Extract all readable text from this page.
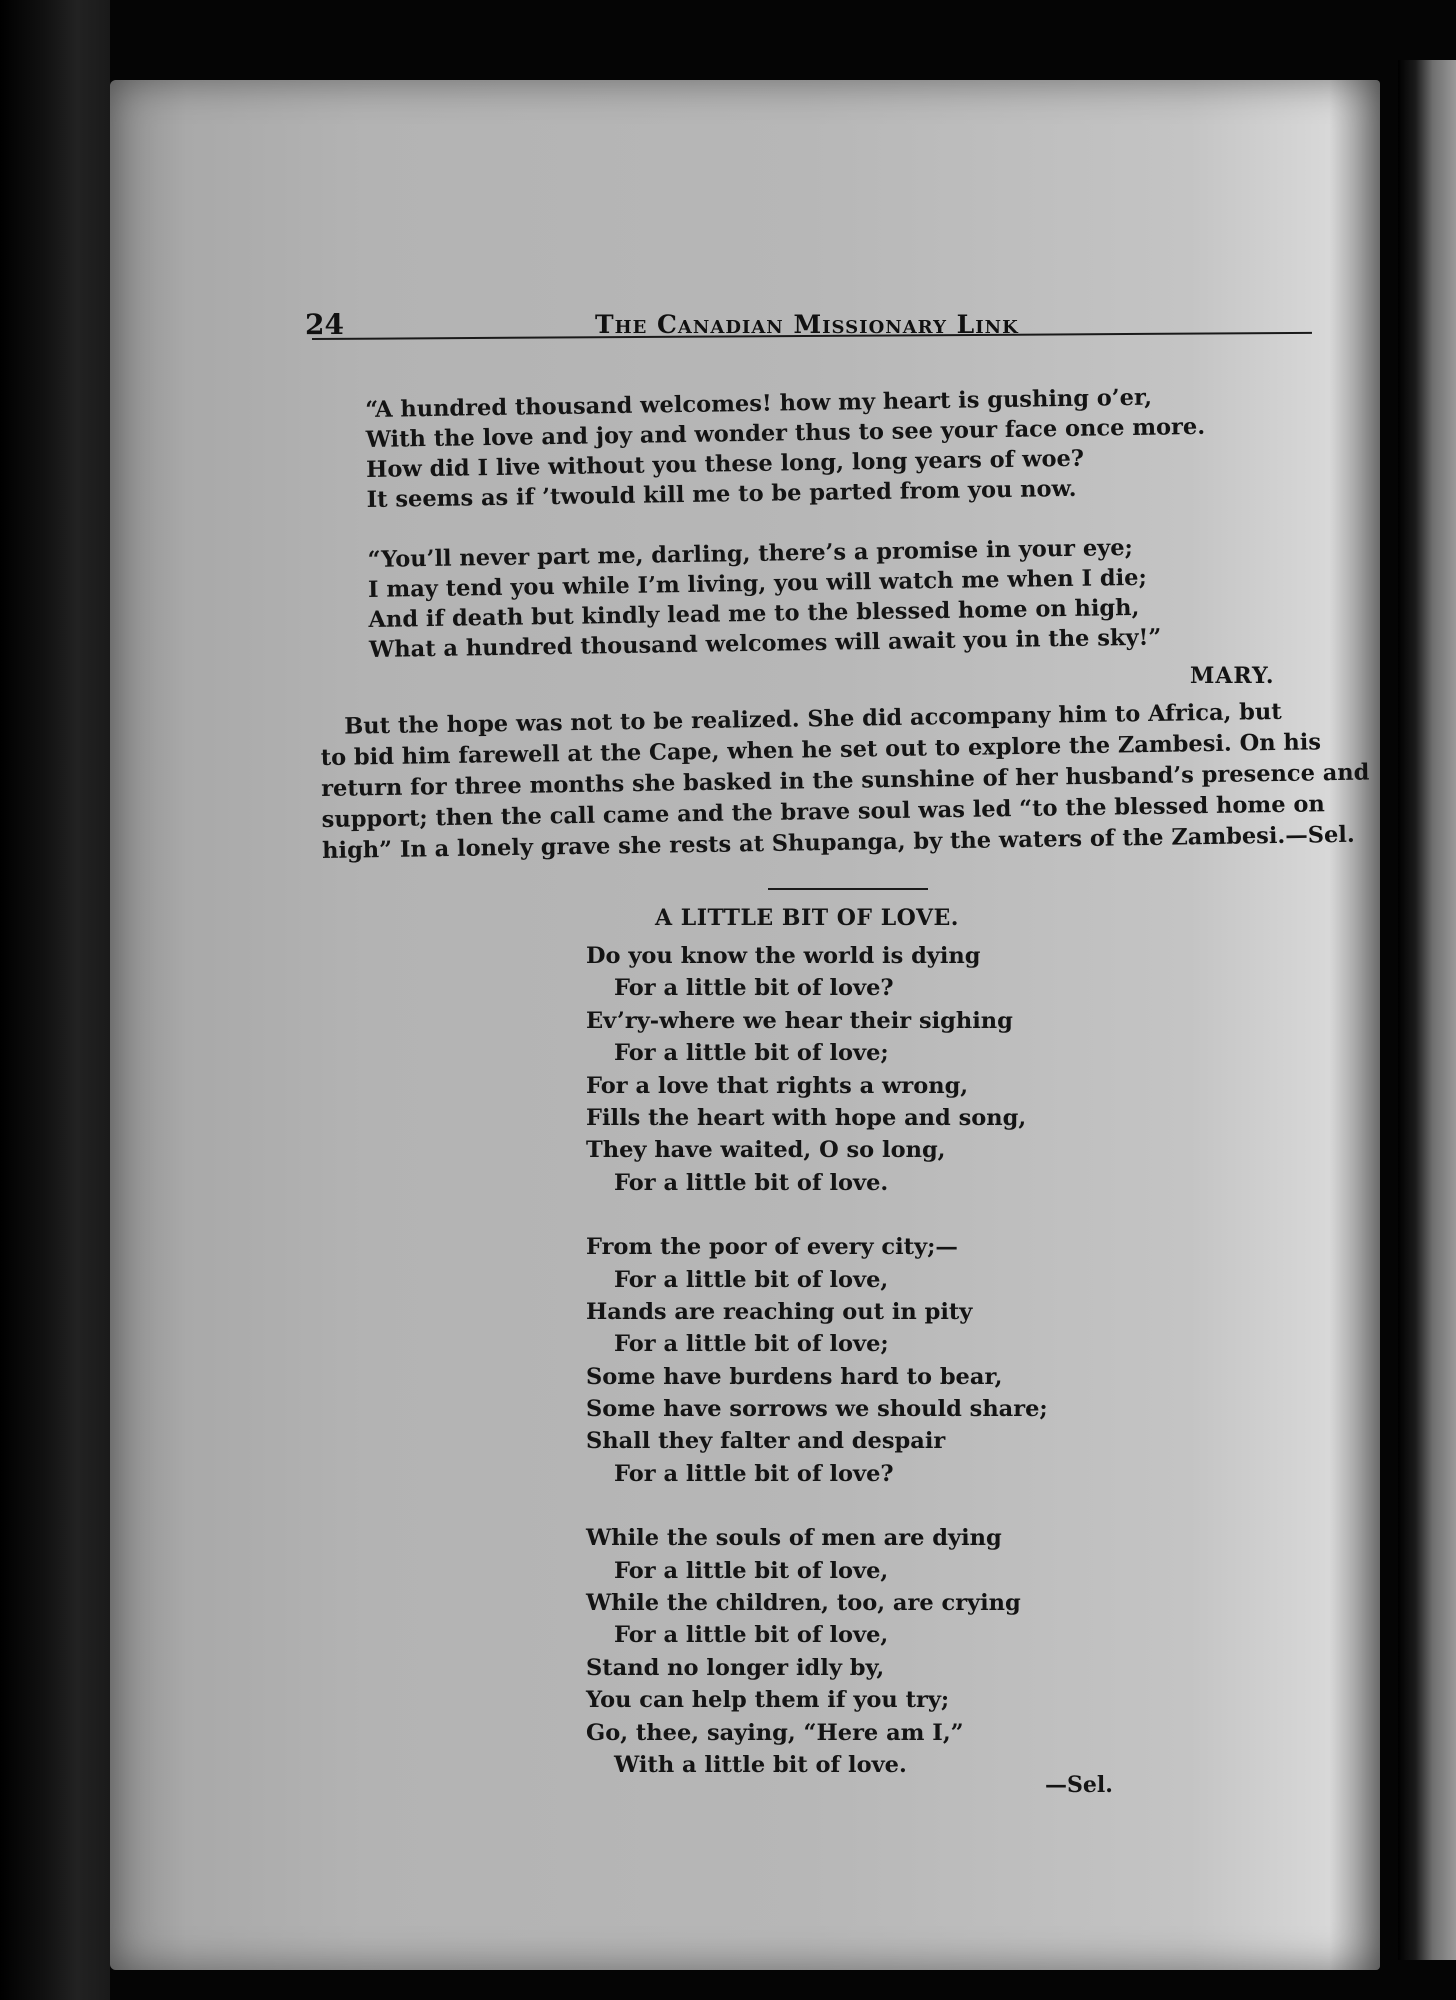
24	The Canadian Missionary Link
“A hundred thousand welcomes! how my heart is gushing o’er,
With the love and joy and wonder thus to see your face once more.
How did I live without you these long, long years of woe?
It seems as if ’twould kill me to be parted from you now.
“You’ll never part me, darling, there’s a promise in your eye;
I may tend you while I’m living, you will watch me when I die;
And if death but kindly lead me to the blessed home on high,
What a hundred thousand welcomes will await you in the sky!”
MARY.
But the hope was not to be realized. She did accompany him to Africa, but
to bid him farewell at the Cape, when he set out to explore the Zambesi. On his
return for three months she basked in the sunshine of her husband’s presence and
support; then the call came and the brave soul was led “to the blessed home on
high” In a lonely grave she rests at Shupanga, by the waters of the Zambesi.—Sel.
A LITTLE BIT OF LOVE.
Do you know the world is dying
For a little bit of love?
Ev’ry-where we hear their sighing
For a little bit of love;
For a love that rights a wrong,
Fills the heart with hope and song,
They have waited, O so long,
For a little bit of love.
From the poor of every city;—
For a little bit of love,
Hands are reaching out in pity
For a little bit of love;
Some have burdens hard to bear,
Some have sorrows we should share;
Shall they falter and despair
For a little bit of love?
While the souls of men are dying
For a little bit of love,
While the children, too, are crying
For a little bit of love,
Stand no longer idly by,
You can help them if you try;
Go, thee, saying, “Here am I,”
With a little bit of love.
—Sel.
